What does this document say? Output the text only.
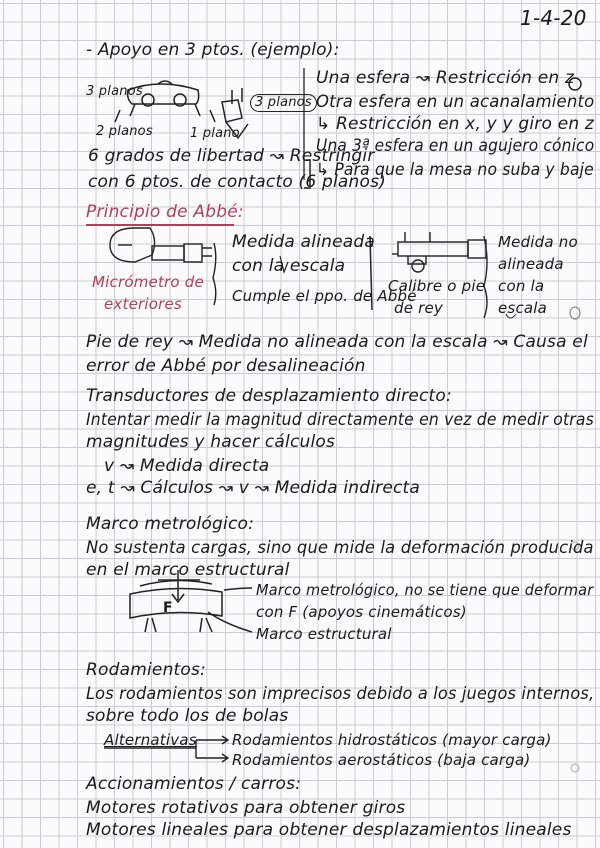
1-4-20
- Apoyo en 3 ptos. (ejemplo):
3 planos
3 planos
2 planos	1 plano
6 grados de libertad ↝ Restringir
con 6 ptos. de contacto (6 planos)
Una esfera ↝ Restricción en z
Otra esfera en un acanalamiento
↳ Restricción en x, y y giro en z
Una 3ª esfera en un agujero cónico
↳ Para que la mesa no suba y baje
Principio de Abbé:
Micrómetro de
exteriores
Medida alineada
con la escala
Cumple el ppo. de Abbé
Calibre o pie
de rey
Medida no
alineada
con la
escala
Pie de rey ↝ Medida no alineada con la escala ↝ Causa el
error de Abbé por desalineación
Transductores de desplazamiento directo:
Intentar medir la magnitud directamente en vez de medir otras
magnitudes y hacer cálculos
v ↝ Medida directa
e, t ↝ Cálculos ↝ v ↝ Medida indirecta
Marco metrológico:
No sustenta cargas, sino que mide la deformación producida
en el marco estructural
F
Marco metrológico, no se tiene que deformar
con F (apoyos cinemáticos)
Marco estructural
Rodamientos:
Los rodamientos son imprecisos debido a los juegos internos,
sobre todo los de bolas
Alternativas Rodamientos hidrostáticos (mayor carga)
Rodamientos aerostáticos (baja carga)
Accionamientos / carros:
Motores rotativos para obtener giros
Motores lineales para obtener desplazamientos lineales
